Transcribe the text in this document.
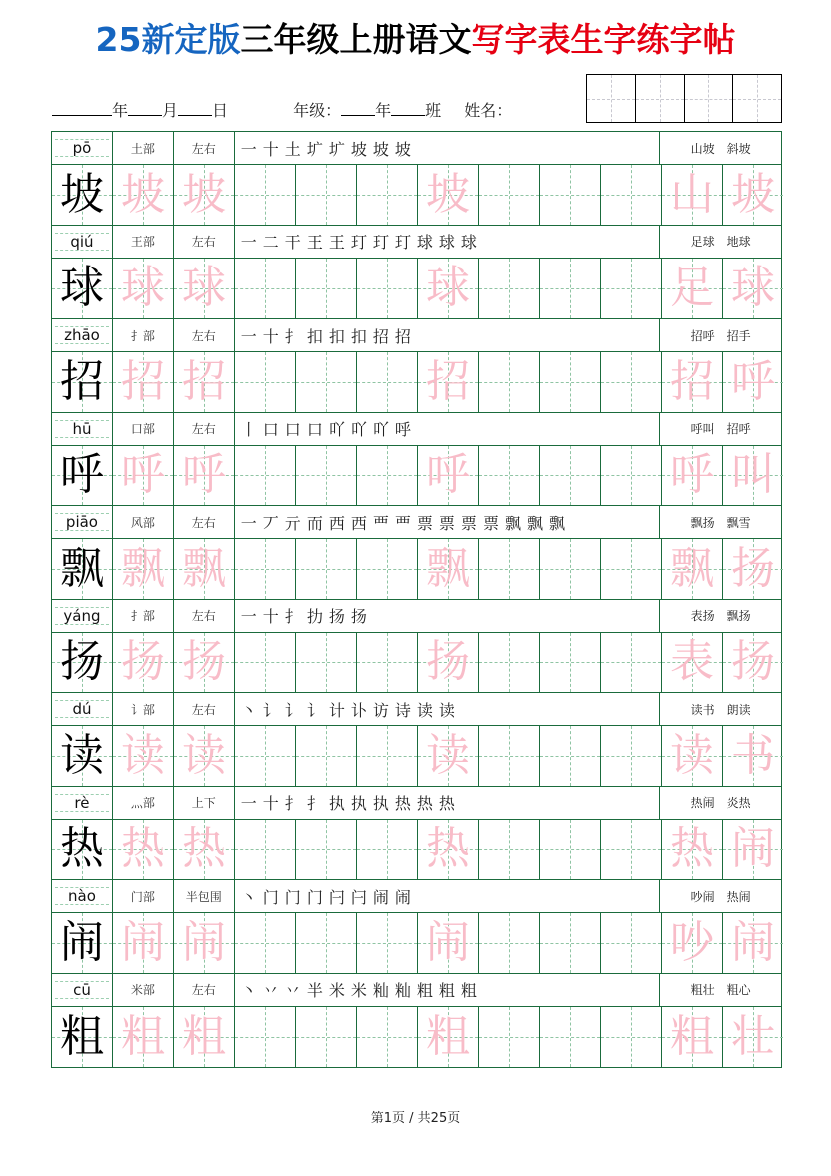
25新定版三年级上册语文写字表生字练字帖
年 月 日	年级： 年 班 姓名：
pō	土部	左右	一 十 土 圹 圹 坡 坡 坡	山坡 斜坡
坡 坡 坡	坡	山 坡
qiú	王部	左右	一 二 干 王 王 玎 玎 玎 球 球 球	足球 地球
球 球 球	球	足 球
zhāo	扌部	左右	一 十 扌 扣 扣 扣 招 招	招呼 招手
招 招 招	招	招 呼
hū	口部	左右	丨 口 口 口 吖 吖 吖 呼	呼叫 招呼
呼 呼 呼	呼	呼 叫
piāo	风部	左右	一 丆 亓 而 西 西 覀 覀 票 票 票 票 飘 飘 飘	飘扬 飘雪
飘 飘 飘	飘	飘 扬
yáng	扌部	左右	一 十 扌 扐 扬 扬	表扬 飘扬
扬 扬 扬	扬	表 扬
dú	讠部	左右	丶 讠 讠 讠 计 讣 访 诗 读 读	读书 朗读
读 读 读	读	读 书
rè	灬部	上下	一 十 扌 扌 执 执 执 热 热 热	热闹 炎热
热 热 热	热	热 闹
nào	门部	半包围	丶 门 门 门 闩 闩 闹 闹	吵闹 热闹
闹 闹 闹	闹	吵 闹
cū	米部	左右	丶 丷 丷 半 米 米 籼 籼 粗 粗 粗	粗壮 粗心
粗 粗 粗	粗	粗 壮
第1页 / 共25页
